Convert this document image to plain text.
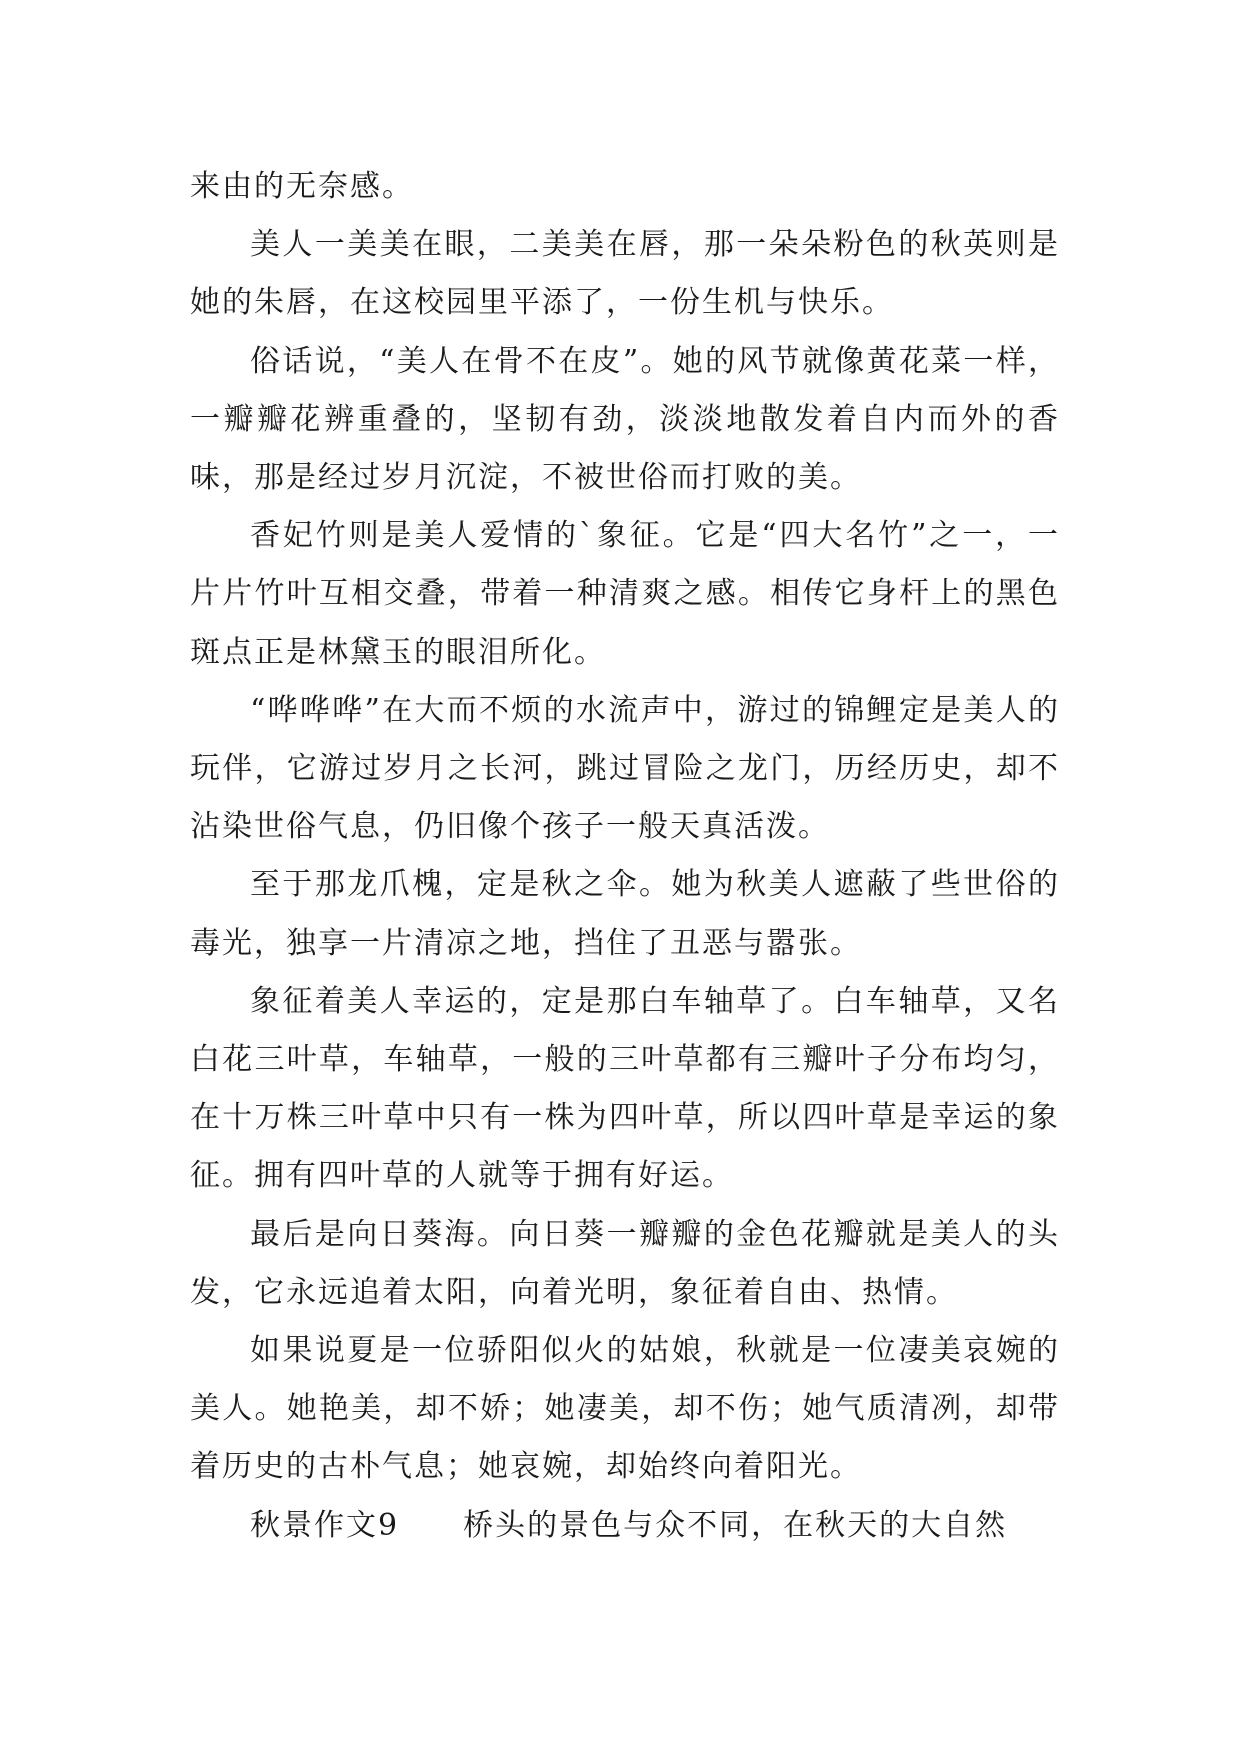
来由的无奈感。

美人一美美在眼，二美美在唇，那一朵朵粉色的秋英则是她的朱唇，在这校园里平添了，一份生机与快乐。

俗话说，“美人在骨不在皮”。她的风节就像黄花菜一样，一瓣瓣花辨重叠的，坚韧有劲，淡淡地散发着自内而外的香味，那是经过岁月沉淀，不被世俗而打败的美。

香妃竹则是美人爱情的`象征。它是“四大名竹”之一，一片片竹叶互相交叠，带着一种清爽之感。相传它身杆上的黑色斑点正是林黛玉的眼泪所化。

“哗哗哗”在大而不烦的水流声中，游过的锦鲤定是美人的玩伴，它游过岁月之长河，跳过冒险之龙门，历经历史，却不沾染世俗气息，仍旧像个孩子一般天真活泼。

至于那龙爪槐，定是秋之伞。她为秋美人遮蔽了些世俗的毒光，独享一片清凉之地，挡住了丑恶与嚣张。

象征着美人幸运的，定是那白车轴草了。白车轴草，又名白花三叶草，车轴草，一般的三叶草都有三瓣叶子分布均匀，在十万株三叶草中只有一株为四叶草，所以四叶草是幸运的象征。拥有四叶草的人就等于拥有好运。

最后是向日葵海。向日葵一瓣瓣的金色花瓣就是美人的头发，它永远追着太阳，向着光明，象征着自由、热情。

如果说夏是一位骄阳似火的姑娘，秋就是一位凄美哀婉的美人。她艳美，却不娇；她凄美，却不伤；她气质清冽，却带着历史的古朴气息；她哀婉，却始终向着阳光。

秋景作文9　　桥头的景色与众不同，在秋天的大自然
